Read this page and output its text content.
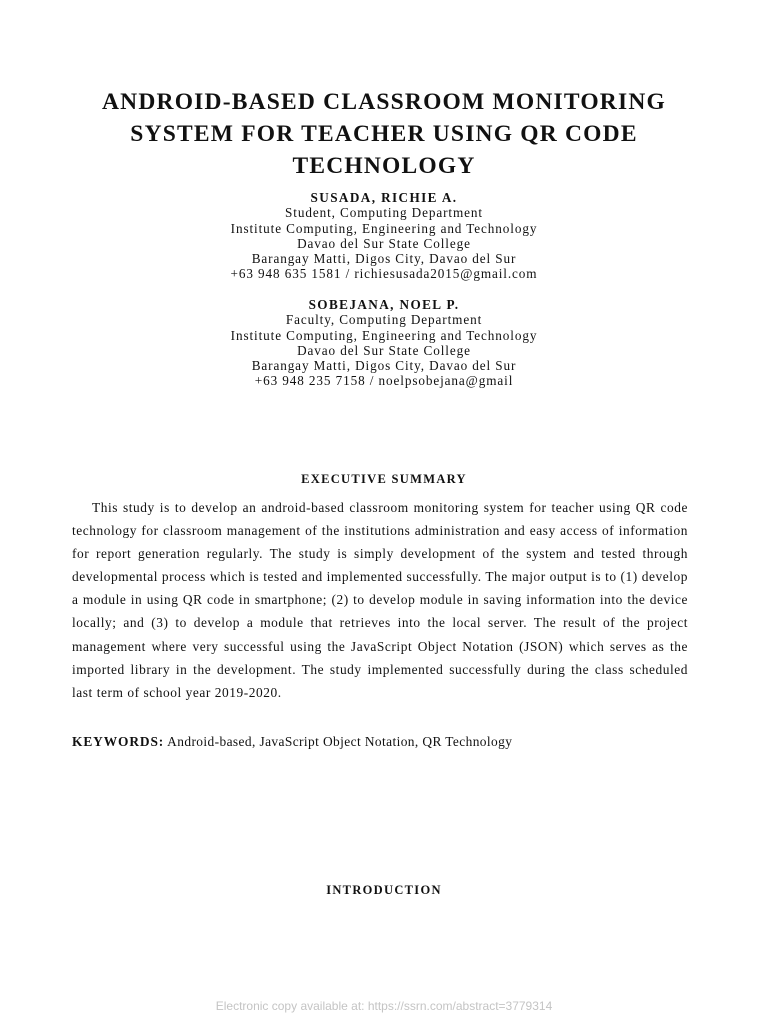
ANDROID-BASED CLASSROOM MONITORING
SYSTEM FOR TEACHER USING QR CODE
TECHNOLOGY
SUSADA, RICHIE A.
Student, Computing Department
Institute Computing, Engineering and Technology
Davao del Sur State College
Barangay Matti, Digos City, Davao del Sur
+63 948 635 1581 / richiesusada2015@gmail.com
SOBEJANA, NOEL P.
Faculty, Computing Department
Institute Computing, Engineering and Technology
Davao del Sur State College
Barangay Matti, Digos City, Davao del Sur
+63 948 235 7158 / noelpsobejana@gmail
EXECUTIVE SUMMARY

This study is to develop an android-based classroom monitoring system for teacher using QR code technology for classroom management of the institutions administration and easy access of information for report generation regularly. The study is simply development of the system and tested through developmental process which is tested and implemented successfully. The major output is to (1) develop a module in using QR code in smartphone; (2) to develop module in saving information into the device locally; and (3) to develop a module that retrieves into the local server. The result of the project management where very successful using the JavaScript Object Notation (JSON) which serves as the imported library in the development. The study implemented successfully during the class scheduled last term of school year 2019-2020.

KEYWORDS: Android-based, JavaScript Object Notation, QR Technology

INTRODUCTION
Electronic copy available at: https://ssrn.com/abstract=3779314
